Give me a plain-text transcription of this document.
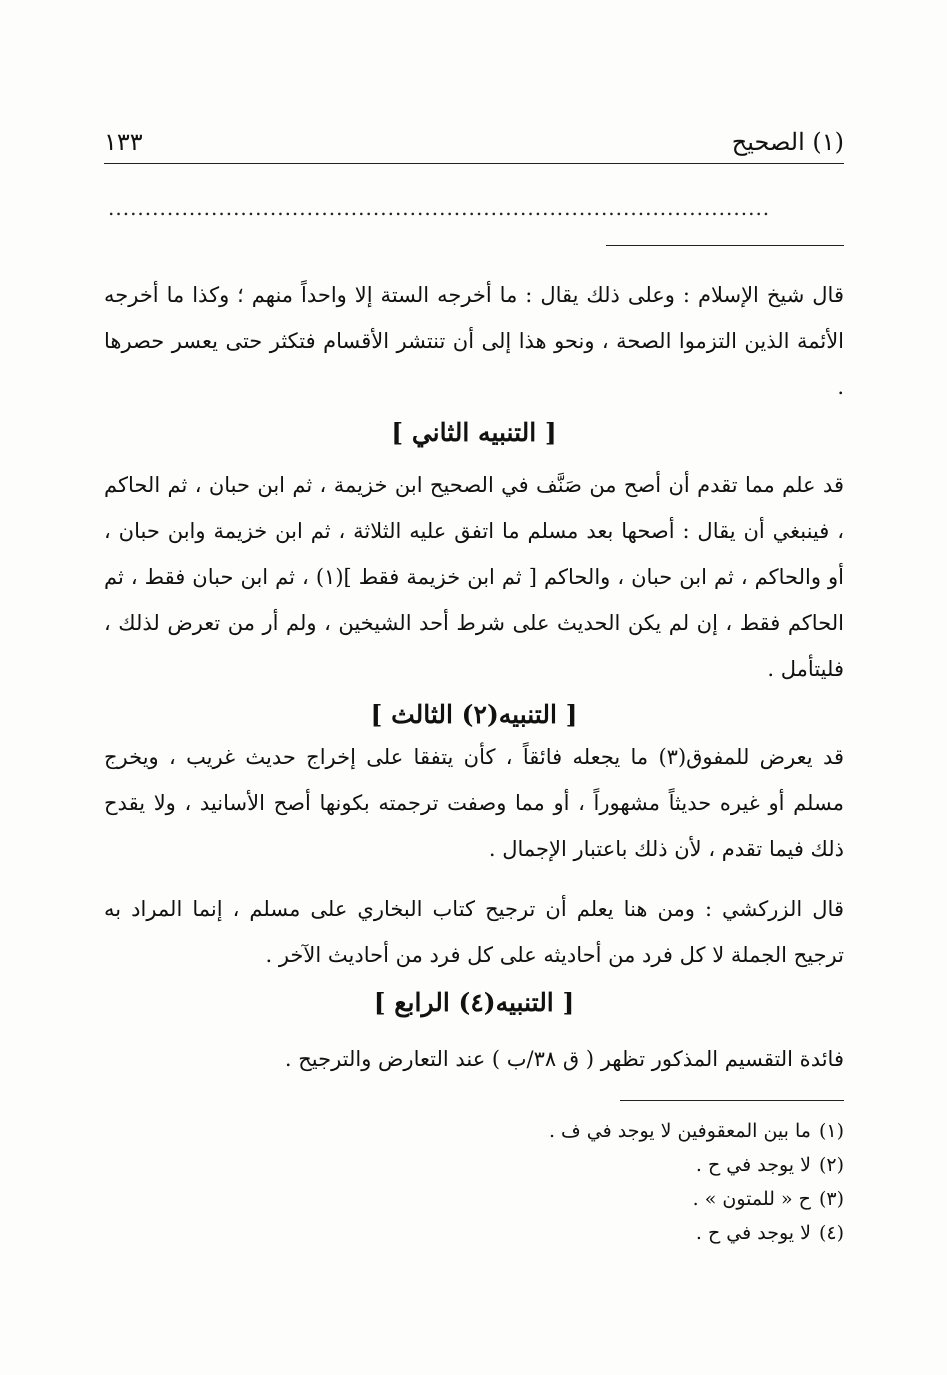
(١) الصحيح
١٣٣
..........................................................................................

قال شيخ الإسلام : وعلى ذلك يقال : ما أخرجه الستة إلا واحداً منهم ؛ وكذا ما أخرجه الأئمة الذين التزموا الصحة ، ونحو هذا إلى أن تنتشر الأقسام فتكثر حتى يعسر حصرها .

[ التنبيه الثاني ]

قد علم مما تقدم أن أصح من صَنَّف في الصحيح ابن خزيمة ، ثم ابن حبان ، ثم الحاكم ، فينبغي أن يقال : أصحها بعد مسلم ما اتفق عليه الثلاثة ، ثم ابن خزيمة وابن حبان ، أو والحاكم ، ثم ابن حبان ، والحاكم [ ثم ابن خزيمة فقط ](١) ، ثم ابن حبان فقط ، ثم الحاكم فقط ، إن لم يكن الحديث على شرط أحد الشيخين ، ولم أر من تعرض لذلك ، فليتأمل .

[ التنبيه(٢) الثالث ]

قد يعرض للمفوق(٣) ما يجعله فائقاً ، كأن يتفقا على إخراج حديث غريب ، ويخرج مسلم أو غيره حديثاً مشهوراً ، أو مما وصفت ترجمته بكونها أصح الأسانيد ، ولا يقدح ذلك فيما تقدم ، لأن ذلك باعتبار الإجمال .

قال الزركشي : ومن هنا يعلم أن ترجيح كتاب البخاري على مسلم ، إنما المراد به ترجيح الجملة لا كل فرد من أحاديثه على كل فرد من أحاديث الآخر .

[ التنبيه(٤) الرابع ]

فائدة التقسيم المذكور تظهر ( ق ٣٨/ب ) عند التعارض والترجيح .

(١)ما بين المعقوفين لا يوجد في ف .
(٢)لا يوجد في ح .
(٣)ح « للمتون » .
(٤)لا يوجد في ح .
